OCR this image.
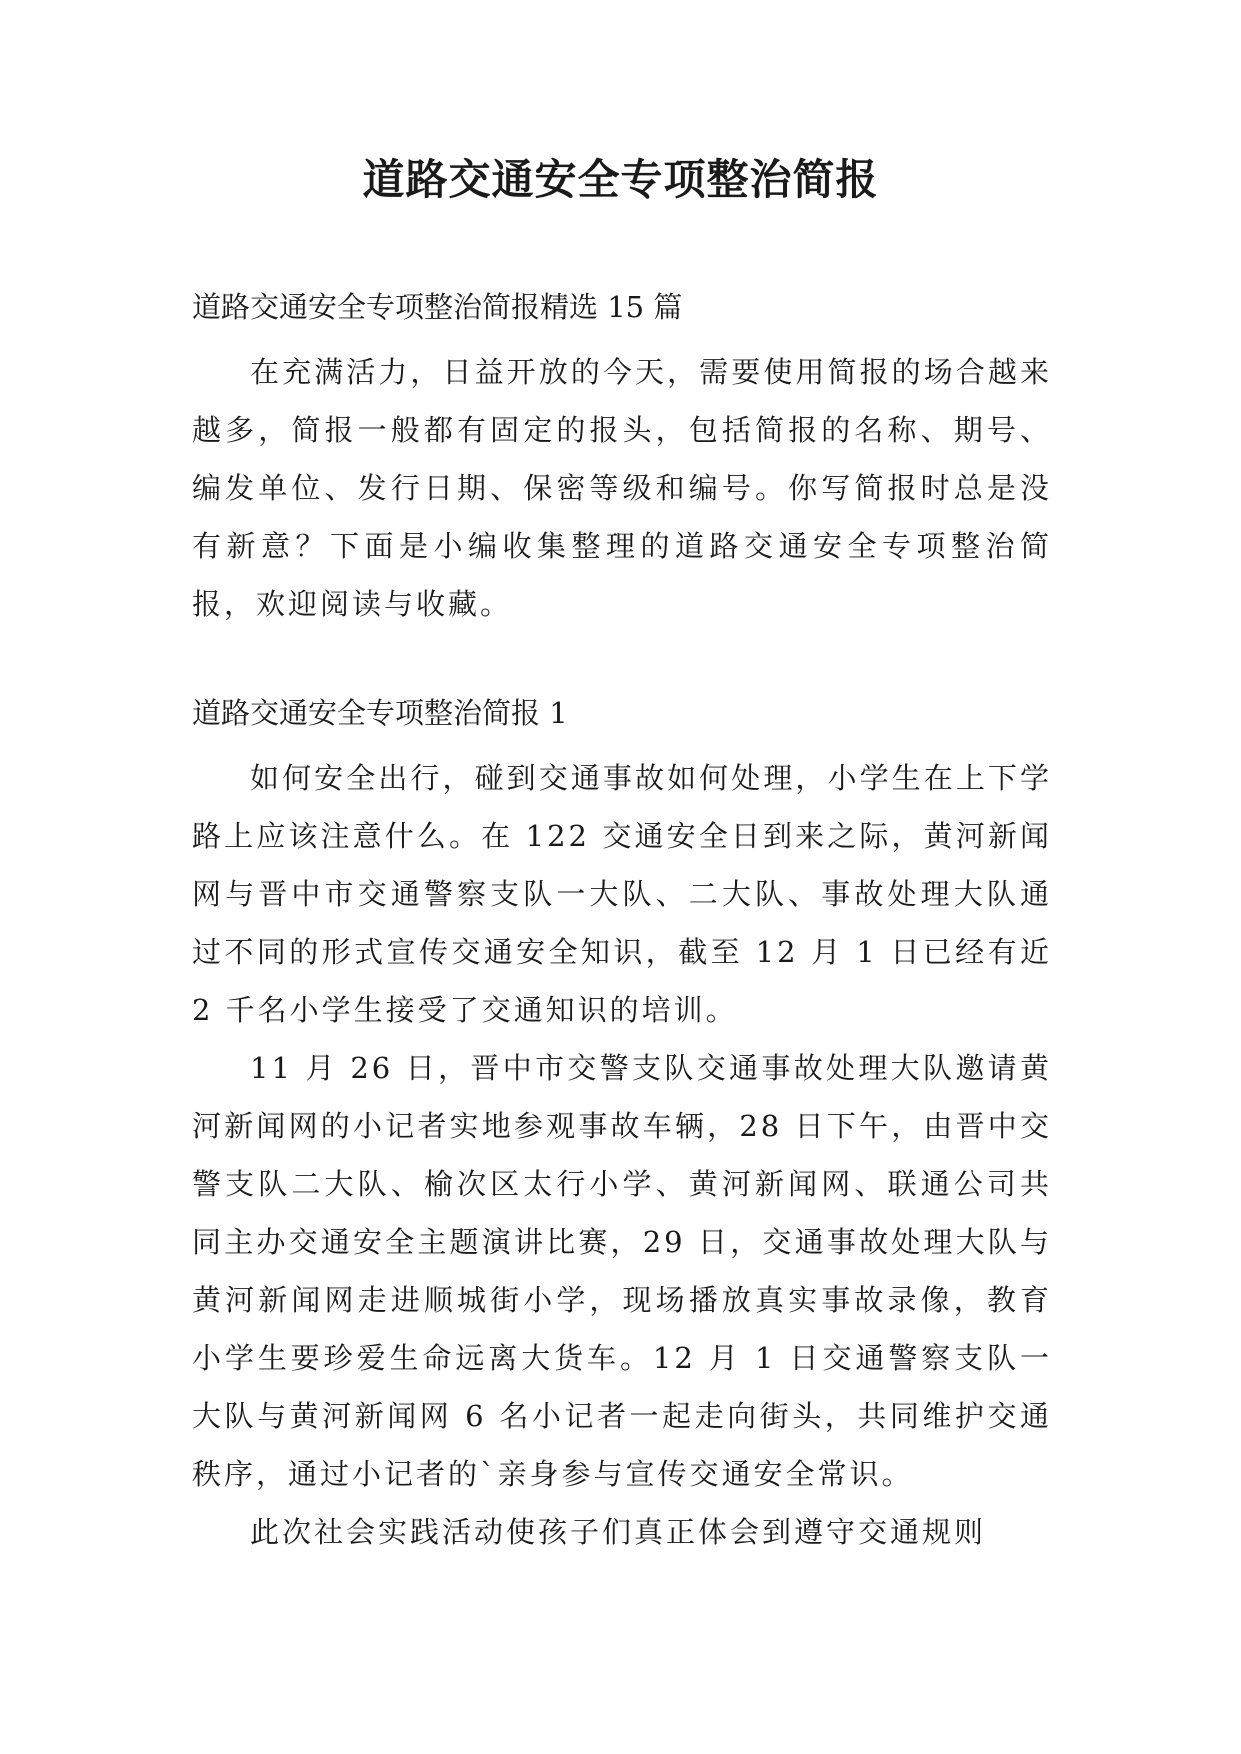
道路交通安全专项整治简报
道路交通安全专项整治简报精选 15 篇

在充满活力，日益开放的今天，需要使用简报的场合越来越多，简报一般都有固定的报头，包括简报的名称、期号、编发单位、发行日期、保密等级和编号。你写简报时总是没有新意？下面是小编收集整理的道路交通安全专项整治简报，欢迎阅读与收藏。

道路交通安全专项整治简报 1

如何安全出行，碰到交通事故如何处理，小学生在上下学路上应该注意什么。在 122 交通安全日到来之际，黄河新闻网与晋中市交通警察支队一大队、二大队、事故处理大队通过不同的形式宣传交通安全知识，截至 12 月 1 日已经有近 2 千名小学生接受了交通知识的培训。

11 月 26 日，晋中市交警支队交通事故处理大队邀请黄河新闻网的小记者实地参观事故车辆，28 日下午，由晋中交警支队二大队、榆次区太行小学、黄河新闻网、联通公司共同主办交通安全主题演讲比赛，29 日，交通事故处理大队与黄河新闻网走进顺城街小学，现场播放真实事故录像，教育小学生要珍爱生命远离大货车。12 月 1 日交通警察支队一大队与黄河新闻网 6 名小记者一起走向街头，共同维护交通秩序，通过小记者的`亲身参与宣传交通安全常识。

此次社会实践活动使孩子们真正体会到遵守交通规则
